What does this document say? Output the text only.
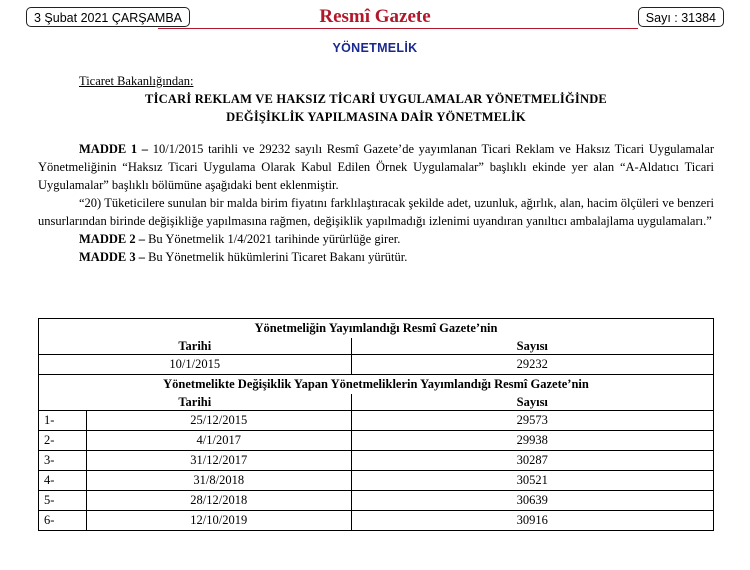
3 Şubat 2021 ÇARŞAMBA	Resmî Gazete	Sayı : 31384
YÖNETMELİK
Ticaret Bakanlığından:
TİCARİ REKLAM VE HAKSIZ TİCARİ UYGULAMALAR YÖNETMELİĞİNDE
DEĞİŞİKLİK YAPILMASINA DAİR YÖNETMELİK

MADDE 1 – 10/1/2015 tarihli ve 29232 sayılı Resmî Gazete’de yayımlanan Ticari Reklam ve Haksız Ticari Uygulamalar Yönetmeliğinin “Haksız Ticari Uygulama Olarak Kabul Edilen Örnek Uygulamalar” başlıklı ekinde yer alan “A-Aldatıcı Ticari Uygulamalar” başlıklı bölümüne aşağıdaki bent eklenmiştir.

“20) Tüketicilere sunulan bir malda birim fiyatını farklılaştıracak şekilde adet, uzunluk, ağırlık, alan, hacim ölçüleri ve benzeri unsurlarından birinde değişikliğe yapılmasına rağmen, değişiklik yapılmadığı izlenimi uyandıran yanıltıcı ambalajlama uygulamaları.”

MADDE 2 – Bu Yönetmelik 1/4/2021 tarihinde yürürlüğe girer.

MADDE 3 – Bu Yönetmelik hükümlerini Ticaret Bakanı yürütür.

Yönetmeliğin Yayımlandığı Resmî Gazete’nin		
Tarihi		Sayısı
10/1/2015		29232
Yönetmelikte Değişiklik Yapan Yönetmeliklerin Yayımlandığı Resmî Gazete’nin		
Tarihi		Sayısı
1-	25/12/2015	29573
2-	4/1/2017	29938
3-	31/12/2017	30287
4-	31/8/2018	30521
5-	28/12/2018	30639
6-	12/10/2019	30916
